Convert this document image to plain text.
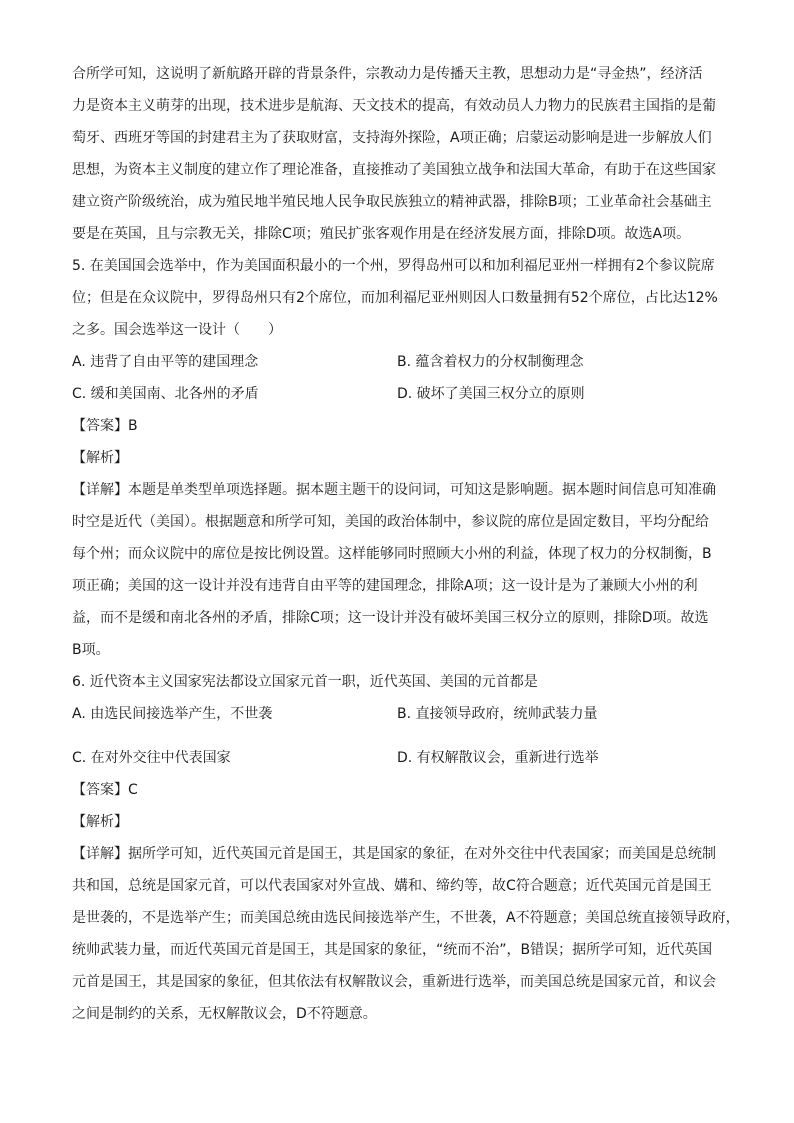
合所学可知，这说明了新航路开辟的背景条件，宗教动力是传播天主教，思想动力是“寻金热”，经济活
力是资本主义萌芽的出现，技术进步是航海、天文技术的提高，有效动员人力物力的民族君主国指的是葡
萄牙、西班牙等国的封建君主为了获取财富，支持海外探险，A项正确；启蒙运动影响是进一步解放人们
思想，为资本主义制度的建立作了理论准备，直接推动了美国独立战争和法国大革命，有助于在这些国家
建立资产阶级统治，成为殖民地半殖民地人民争取民族独立的精神武器，排除B项；工业革命社会基础主
要是在英国，且与宗教无关，排除C项；殖民扩张客观作用是在经济发展方面，排除D项。故选A项。
5. 在美国国会选举中，作为美国面积最小的一个州，罗得岛州可以和加利福尼亚州一样拥有2个参议院席
位；但是在众议院中，罗得岛州只有2个席位，而加利福尼亚州则因人口数量拥有52个席位，占比达12%
之多。国会选举这一设计（　　）
A. 违背了自由平等的建国理念	B. 蕴含着权力的分权制衡理念
C. 缓和美国南、北各州的矛盾	D. 破坏了美国三权分立的原则
【答案】B
【解析】
【详解】本题是单类型单项选择题。据本题主题干的设问词，可知这是影响题。据本题时间信息可知准确
时空是近代（美国）。根据题意和所学可知，美国的政治体制中，参议院的席位是固定数目，平均分配给
每个州；而众议院中的席位是按比例设置。这样能够同时照顾大小州的利益，体现了权力的分权制衡，B
项正确；美国的这一设计并没有违背自由平等的建国理念，排除A项；这一设计是为了兼顾大小州的利
益，而不是缓和南北各州的矛盾，排除C项；这一设计并没有破坏美国三权分立的原则，排除D项。故选
B项。
6. 近代资本主义国家宪法都设立国家元首一职，近代英国、美国的元首都是
A. 由选民间接选举产生，不世袭	B. 直接领导政府，统帅武装力量
C. 在对外交往中代表国家	D. 有权解散议会，重新进行选举
【答案】C
【解析】
【详解】据所学可知，近代英国元首是国王，其是国家的象征，在对外交往中代表国家；而美国是总统制
共和国，总统是国家元首，可以代表国家对外宣战、媾和、缔约等，故C符合题意；近代英国元首是国王
是世袭的，不是选举产生；而美国总统由选民间接选举产生，不世袭，A不符题意；美国总统直接领导政府，
统帅武装力量，而近代英国元首是国王，其是国家的象征，“统而不治”，B错误；据所学可知，近代英国
元首是国王，其是国家的象征，但其依法有权解散议会，重新进行选举，而美国总统是国家元首，和议会
之间是制约的关系，无权解散议会，D不符题意。
